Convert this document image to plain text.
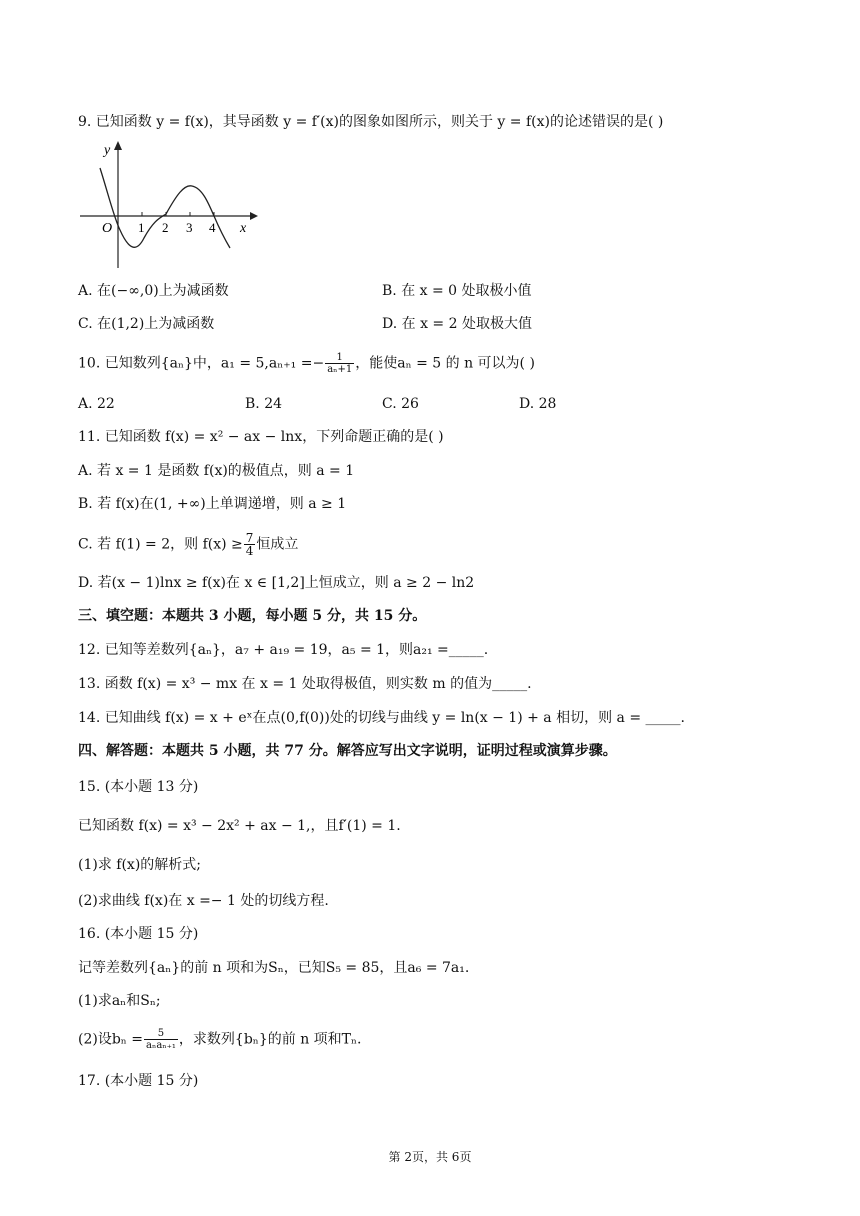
9. 已知函数 y = f(x)，其导函数 y = f′(x)的图象如图所示，则关于 y = f(x)的论述错误的是( )
y
x
O 1 2 3 4
A. 在(−∞,0)上为减函数	B. 在 x = 0 处取极小值
C. 在(1,2)上为减函数	D. 在 x = 2 处取极大值
10. 已知数列{aₙ}中，$a_1 = 5,a_{n+1} =- \frac{1}{\text{aₙ+1}}$ ，能使aₙ = 5 的 n 可以为( )
A. 22	B. 24	C. 26	D. 28
11. 已知函数 f(x) = x² − ax − lnx，下列命题正确的是( )
A. 若 x = 1 是函数 f(x)的极值点，则 a = 1
B. 若 f(x)在(1, +∞)上单调递增，则 a ≥ 1
C. 若 f(1) = 2，则 $f(x) \ge \frac{7}{4}$ 恒成立
D. 若(x − 1)lnx ≥ f(x)在 x ∈ [1,2]上恒成立，则 a ≥ 2 − ln2
三、填空题：本题共 3 小题，每小题 5 分，共 15 分。
12. 已知等差数列{aₙ}，a₇ + a₁₉ = 19，a₅ = 1，则a₂₁ =_____.
13. 函数 f(x) = x³ − mx 在 x = 1 处取得极值，则实数 m 的值为_____.
14. 已知曲线 f(x) = x + eˣ在点(0,f(0))处的切线与曲线 y = ln(x − 1) + a 相切，则 a = _____.
四、解答题：本题共 5 小题，共 77 分。解答应写出文字说明，证明过程或演算步骤。
15. (本小题 13 分)
已知函数 f(x) = x³ − 2x² + ax − 1,，且f′(1) = 1.
(1)求 f(x)的解析式;
(2)求曲线 f(x)在 x =− 1 处的切线方程.
16. (本小题 15 分)
记等差数列{aₙ}的前 n 项和为Sₙ，已知S₅ = 85，且a₆ = 7a₁.
(1)求aₙ和Sₙ;
(2)设$b_n = \frac{5}{\text{aₙaₙ₊₁}}$ ，求数列{bₙ}的前 n 项和Tₙ.
17. (本小题 15 分)
第 2页，共 6页
